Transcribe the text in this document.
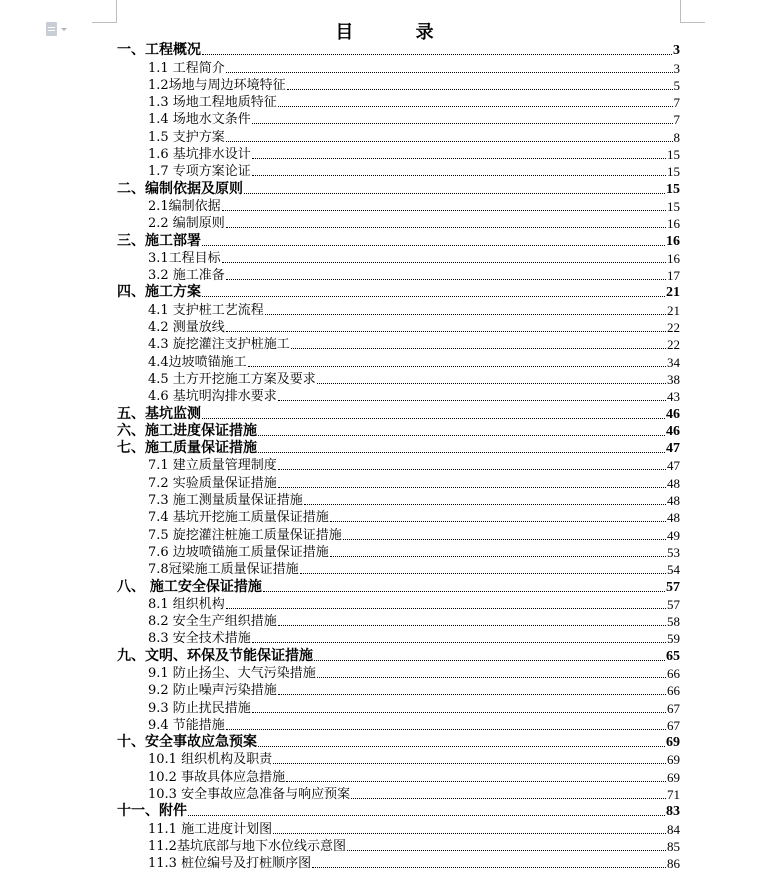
目 录
一、工程概况	3
1.1 工程简介	3
1.2场地与周边环境特征	5
1.3 场地工程地质特征	7
1.4 场地水文条件	7
1.5 支护方案	8
1.6 基坑排水设计	15
1.7 专项方案论证	15
二、编制依据及原则	15
2.1编制依据	15
2.2 编制原则	16
三、施工部署	16
3.1工程目标	16
3.2 施工准备	17
四、施工方案	21
4.1 支护桩工艺流程	21
4.2 测量放线	22
4.3 旋挖灌注支护桩施工	22
4.4边坡喷锚施工	34
4.5 土方开挖施工方案及要求	38
4.6 基坑明沟排水要求	43
五、基坑监测	46
六、施工进度保证措施	46
七、施工质量保证措施	47
7.1 建立质量管理制度	47
7.2 实验质量保证措施	48
7.3 施工测量质量保证措施	48
7.4 基坑开挖施工质量保证措施	48
7.5 旋挖灌注桩施工质量保证措施	49
7.6 边坡喷锚施工质量保证措施	53
7.8冠梁施工质量保证措施	54
八、 施工安全保证措施	57
8.1 组织机构	57
8.2 安全生产组织措施	58
8.3 安全技术措施	59
九、文明、环保及节能保证措施	65
9.1 防止扬尘、大气污染措施	66
9.2 防止噪声污染措施	66
9.3 防止扰民措施	67
9.4 节能措施	67
十、安全事故应急预案	69
10.1 组织机构及职责	69
10.2 事故具体应急措施	69
10.3 安全事故应急准备与响应预案	71
十一、附件	83
11.1 施工进度计划图	84
11.2基坑底部与地下水位线示意图	85
11.3 桩位编号及打桩顺序图	86
